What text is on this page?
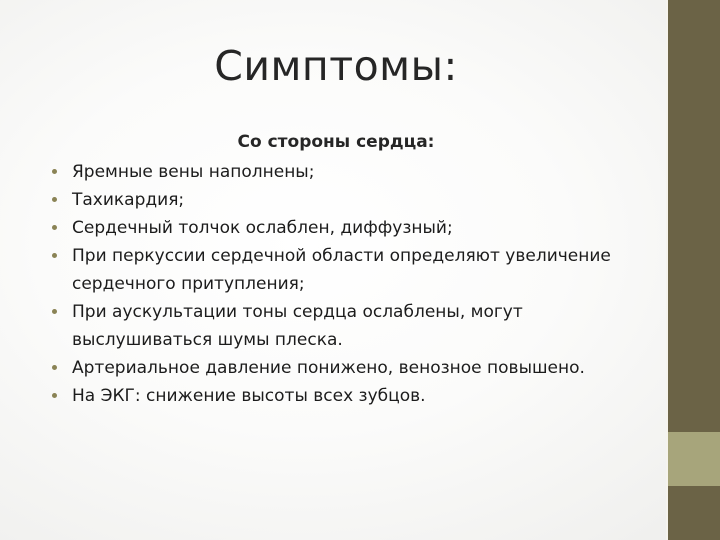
Симптомы:
Со стороны сердца:
Яремные вены наполнены;
Тахикардия;
Сердечный толчок ослаблен, диффузный;
При перкуссии сердечной области определяют увеличение сердечного притупления;
При аускультации тоны сердца ослаблены, могут выслушиваться шумы плеска.
Артериальное давление понижено, венозное повышено.
На ЭКГ: снижение высоты всех зубцов.
